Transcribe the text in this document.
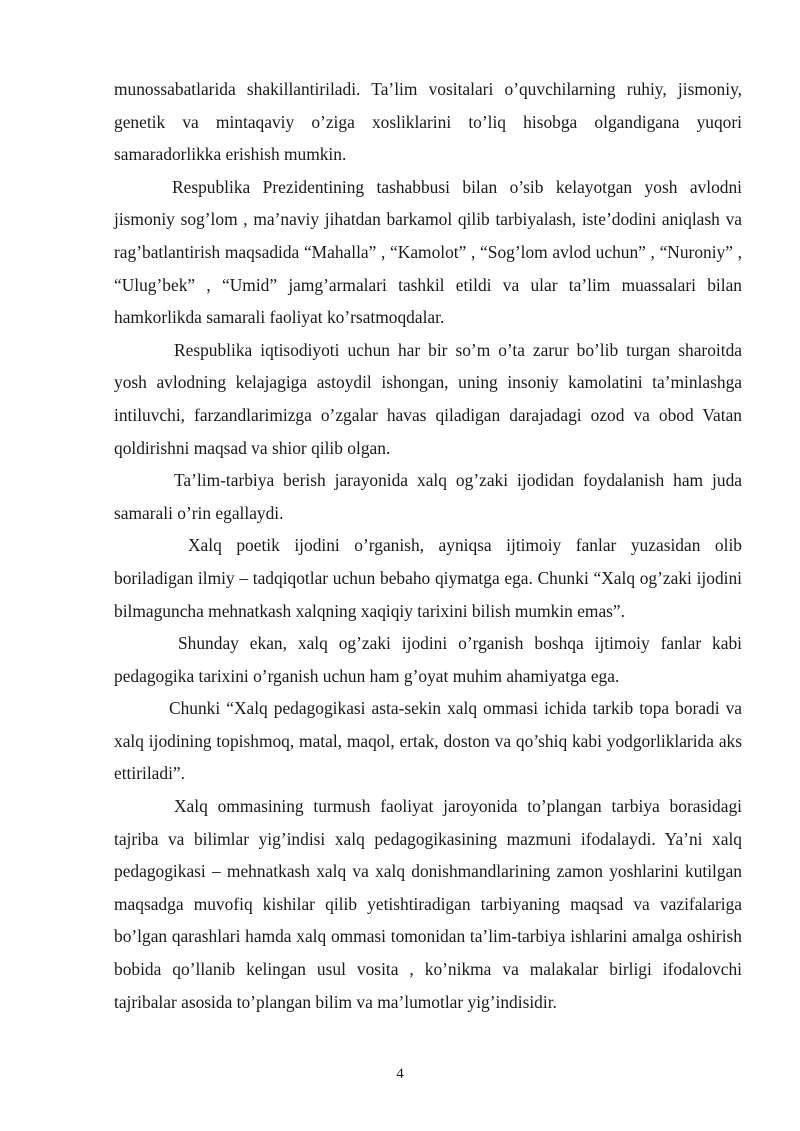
munossabatlarida shakillantiriladi. Ta’lim vositalari o’quvchilarning ruhiy, jismoniy, genetik va mintaqaviy o’ziga xosliklarini to’liq hisobga olgandigana yuqori samaradorlikka erishish mumkin.

Respublika Prezidentining tashabbusi bilan o’sib kelayotgan yosh avlodni jismoniy sog’lom , ma’naviy jihatdan barkamol qilib tarbiyalash, iste’dodini aniqlash va rag’batlantirish maqsadida “Mahalla” , “Kamolot” , “Sog’lom avlod uchun” , “Nuroniy” , “Ulug’bek” , “Umid” jamg’armalari tashkil etildi va ular ta’lim muassalari bilan hamkorlikda samarali faoliyat ko’rsatmoqdalar.

Respublika iqtisodiyoti uchun har bir so’m o’ta zarur bo’lib turgan sharoitda yosh avlodning kelajagiga astoydil ishongan, uning insoniy kamolatini ta’minlashga intiluvchi, farzandlarimizga o’zgalar havas qiladigan darajadagi ozod va obod Vatan qoldirishni maqsad va shior qilib olgan.

Ta’lim-tarbiya berish jarayonida xalq og’zaki ijodidan foydalanish ham juda samarali o’rin egallaydi.

Xalq poetik ijodini o’rganish, ayniqsa ijtimoiy fanlar yuzasidan olib boriladigan ilmiy – tadqiqotlar uchun bebaho qiymatga ega. Chunki “Xalq og’zaki ijodini bilmaguncha mehnatkash xalqning xaqiqiy tarixini bilish mumkin emas”.

Shunday ekan, xalq og’zaki ijodini o’rganish boshqa ijtimoiy fanlar kabi pedagogika tarixini o’rganish uchun ham g’oyat muhim ahamiyatga ega.

Chunki “Xalq pedagogikasi asta-sekin xalq ommasi ichida tarkib topa boradi va xalq ijodining topishmoq, matal, maqol, ertak, doston va qo’shiq kabi yodgorliklarida aks ettiriladi”.

Xalq ommasining turmush faoliyat jaroyonida to’plangan tarbiya borasidagi tajriba va bilimlar yig’indisi xalq pedagogikasining mazmuni ifodalaydi. Ya’ni xalq pedagogikasi – mehnatkash xalq va xalq donishmandlarining zamon yoshlarini kutilgan maqsadga muvofiq kishilar qilib yetishtiradigan tarbiyaning maqsad va vazifalariga bo’lgan qarashlari hamda xalq ommasi tomonidan ta’lim-tarbiya ishlarini amalga oshirish bobida qo’llanib kelingan usul vosita , ko’nikma va malakalar birligi ifodalovchi tajribalar asosida to’plangan bilim va ma’lumotlar yig’indisidir.

4
